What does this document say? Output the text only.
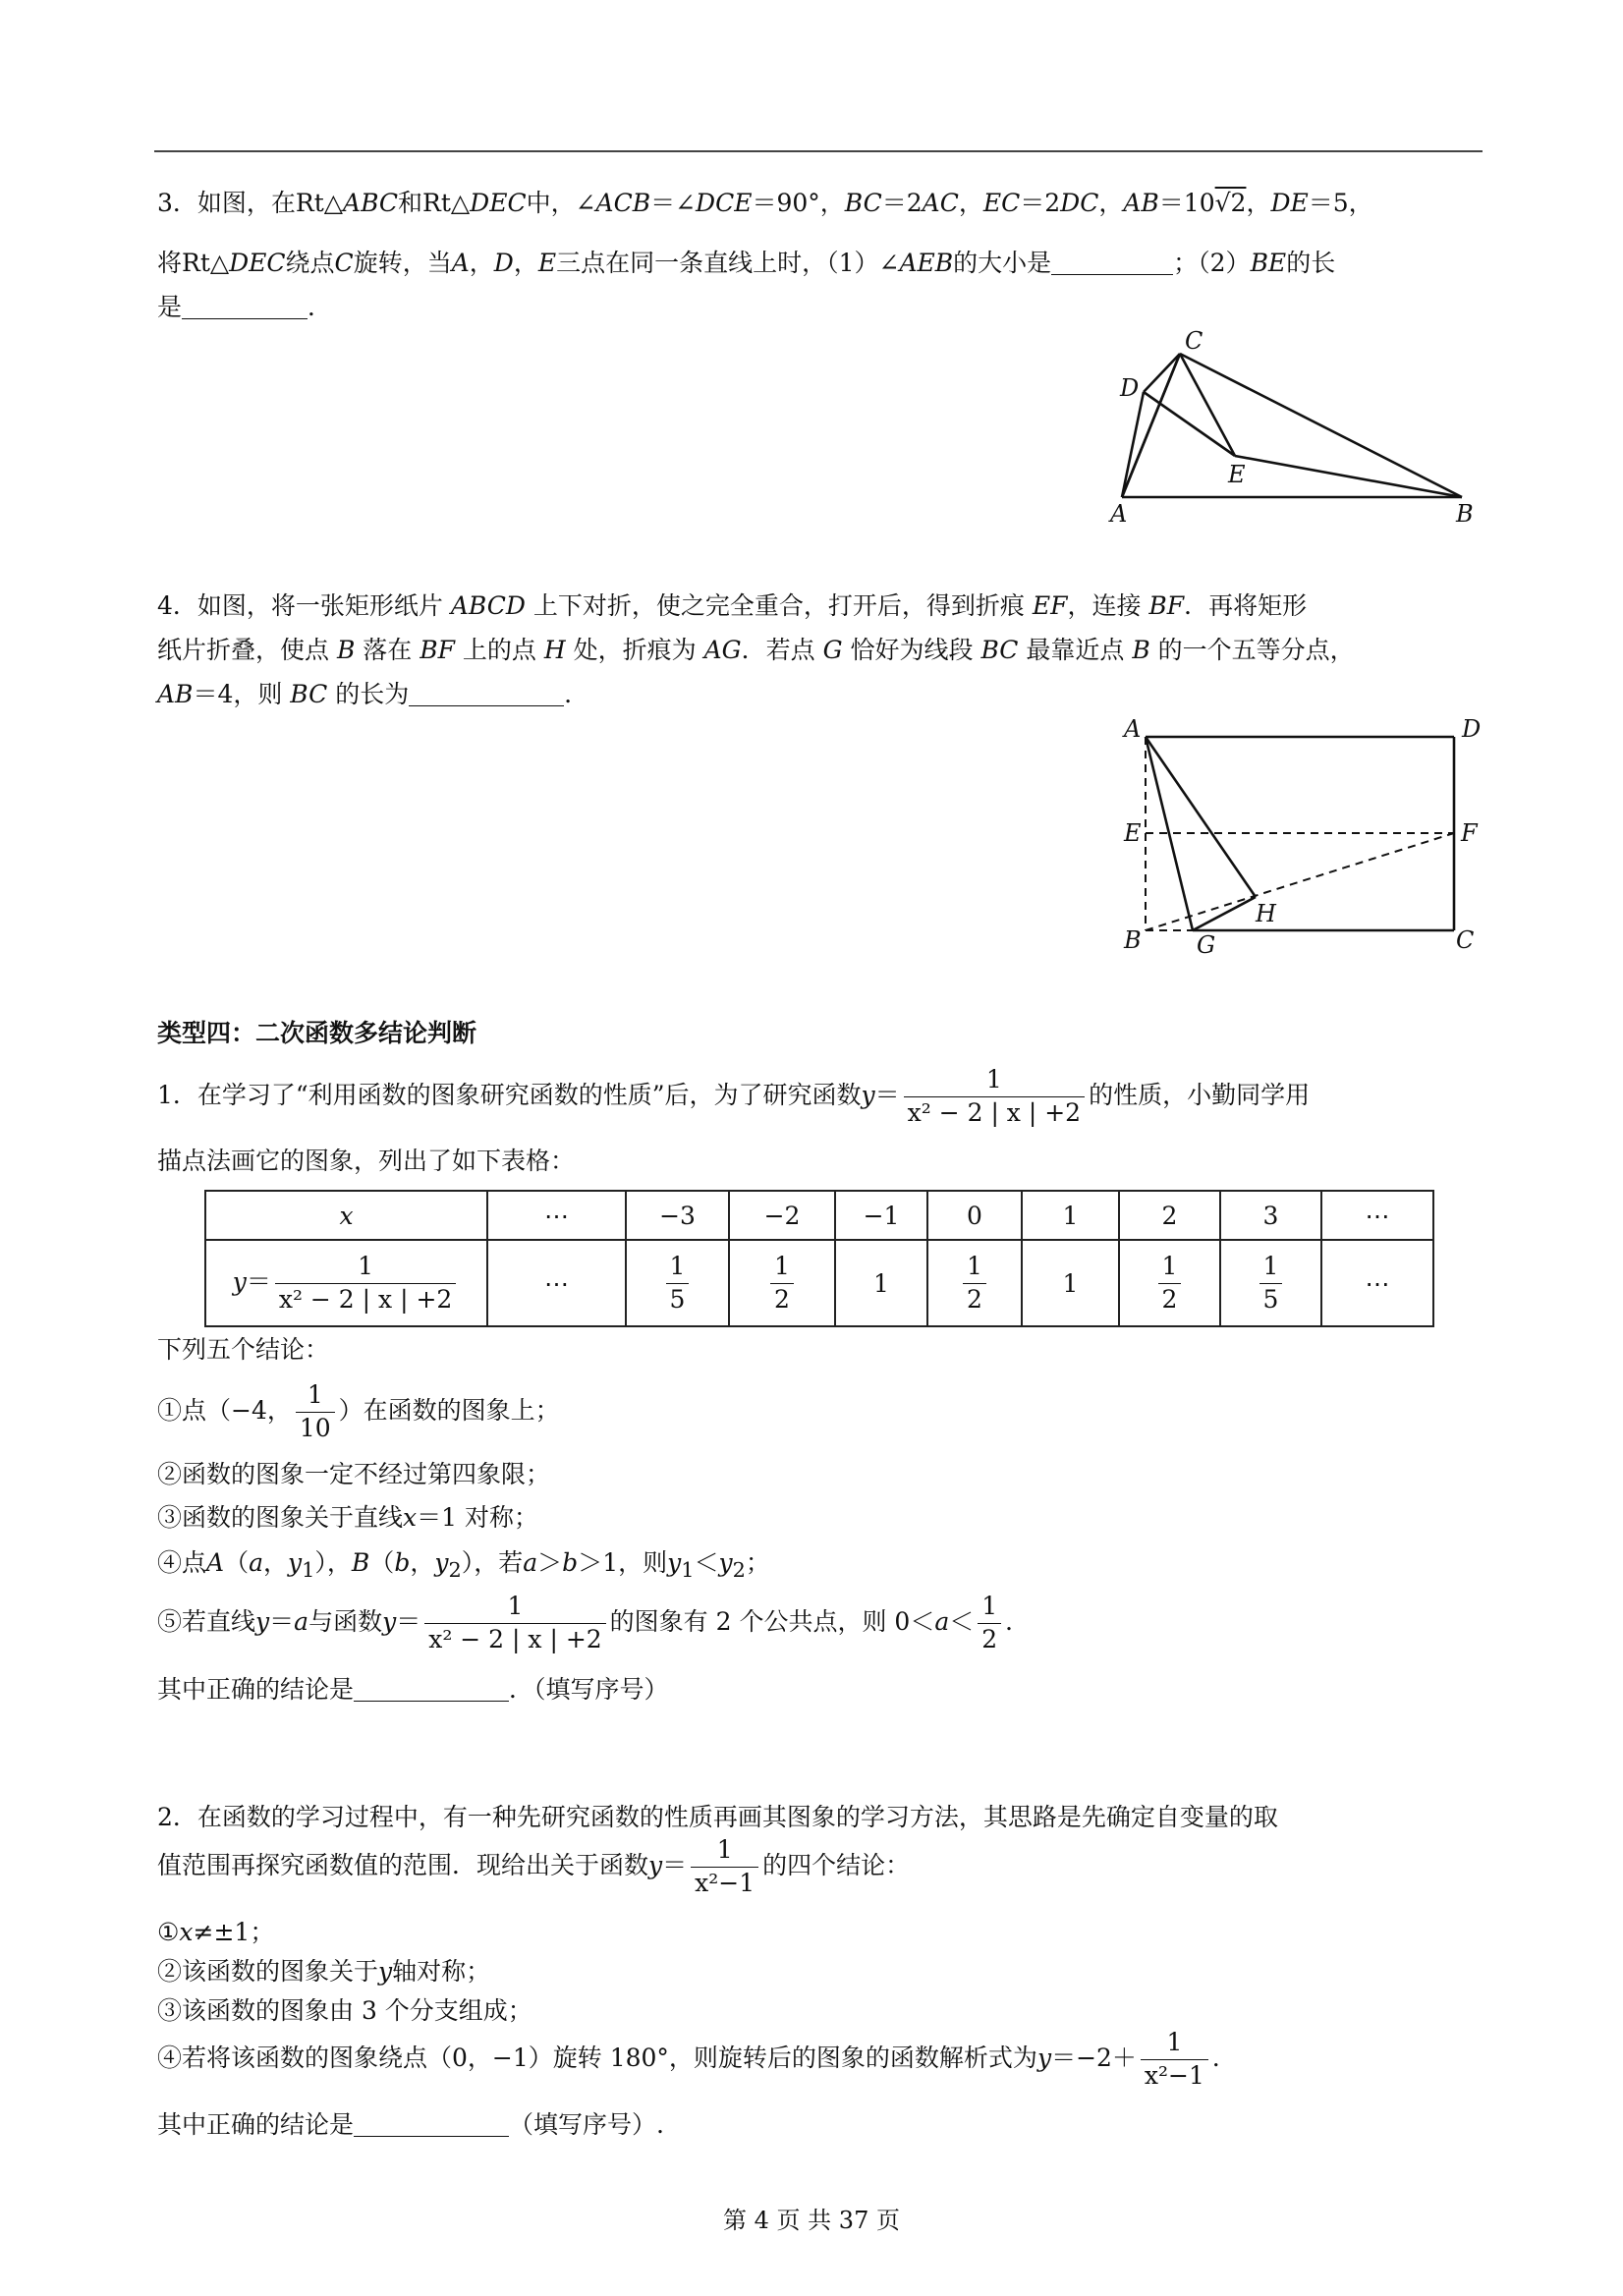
3．如图，在Rt△ABC和Rt△DEC中，∠ACB＝∠DCE＝90°，BC＝2AC，EC＝2DC，AB＝10√2，DE＝5，
将Rt△DEC绕点C旋转，当A，D，E三点在同一条直线上时，（1）∠AEB的大小是	；（2）BE的长
是	．
C
D
E
A	B
4．如图，将一张矩形纸片 ABCD 上下对折，使之完全重合，打开后，得到折痕 EF，连接 BF．再将矩形
纸片折叠，使点 B 落在 BF 上的点 H 处，折痕为 AG．若点 G 恰好为线段 BC 最靠近点 B 的一个五等分点，
AB＝4，则 BC 的长为	．
A	D
E	F
H
B G	C
类型四：二次函数多结论判断
1．在学习了“利用函数的图象研究函数的性质”后，为了研究函数$y= \frac{1}{\text{x² − 2 | x | +2}}$ 的性质，小勤同学用
描点法画它的图象，列出了如下表格：
x	⋯	−3	−2	−1	0	1	2	3	⋯
$y= \frac{1}{\text{x² − 2 | x | +2}}$	⋯	$\frac{1}{5}$	$\frac{1}{2}$	1	$\frac{1}{2}$	1	$\frac{1}{2}$	$\frac{1}{5}$	⋯
下列五个结论：
①点（−4， $\frac{1}{10}$ ）在函数的图象上；
②函数的图象一定不经过第四象限；
③函数的图象关于直线x＝1 对称；
④点A（a，$y_1$），B（b，$y_2$），若a＞b＞1，则$y_1<y_2$；
⑤若直线y＝a与函数$y= \frac{1}{\text{x² − 2 | x | +2}}$ 的图象有 2 个公共点，则 $0<a< \frac{1}{2}$ ．
其中正确的结论是	．（填写序号）
2．在函数的学习过程中，有一种先研究函数的性质再画其图象的学习方法，其思路是先确定自变量的取
值范围再探究函数值的范围．现给出关于函数$y= \frac{1}{\text{x²−1}}$ 的四个结论：
①x≠±1；
②该函数的图象关于y轴对称；
③该函数的图象由 3 个分支组成；
④若将该函数的图象绕点（0，−1）旋转 180°，则旋转后的图象的函数解析式为$y=-2+ \frac{1}{\text{x²−1}}$ ．
其中正确的结论是	（填写序号）.
第 4 页 共 37 页
